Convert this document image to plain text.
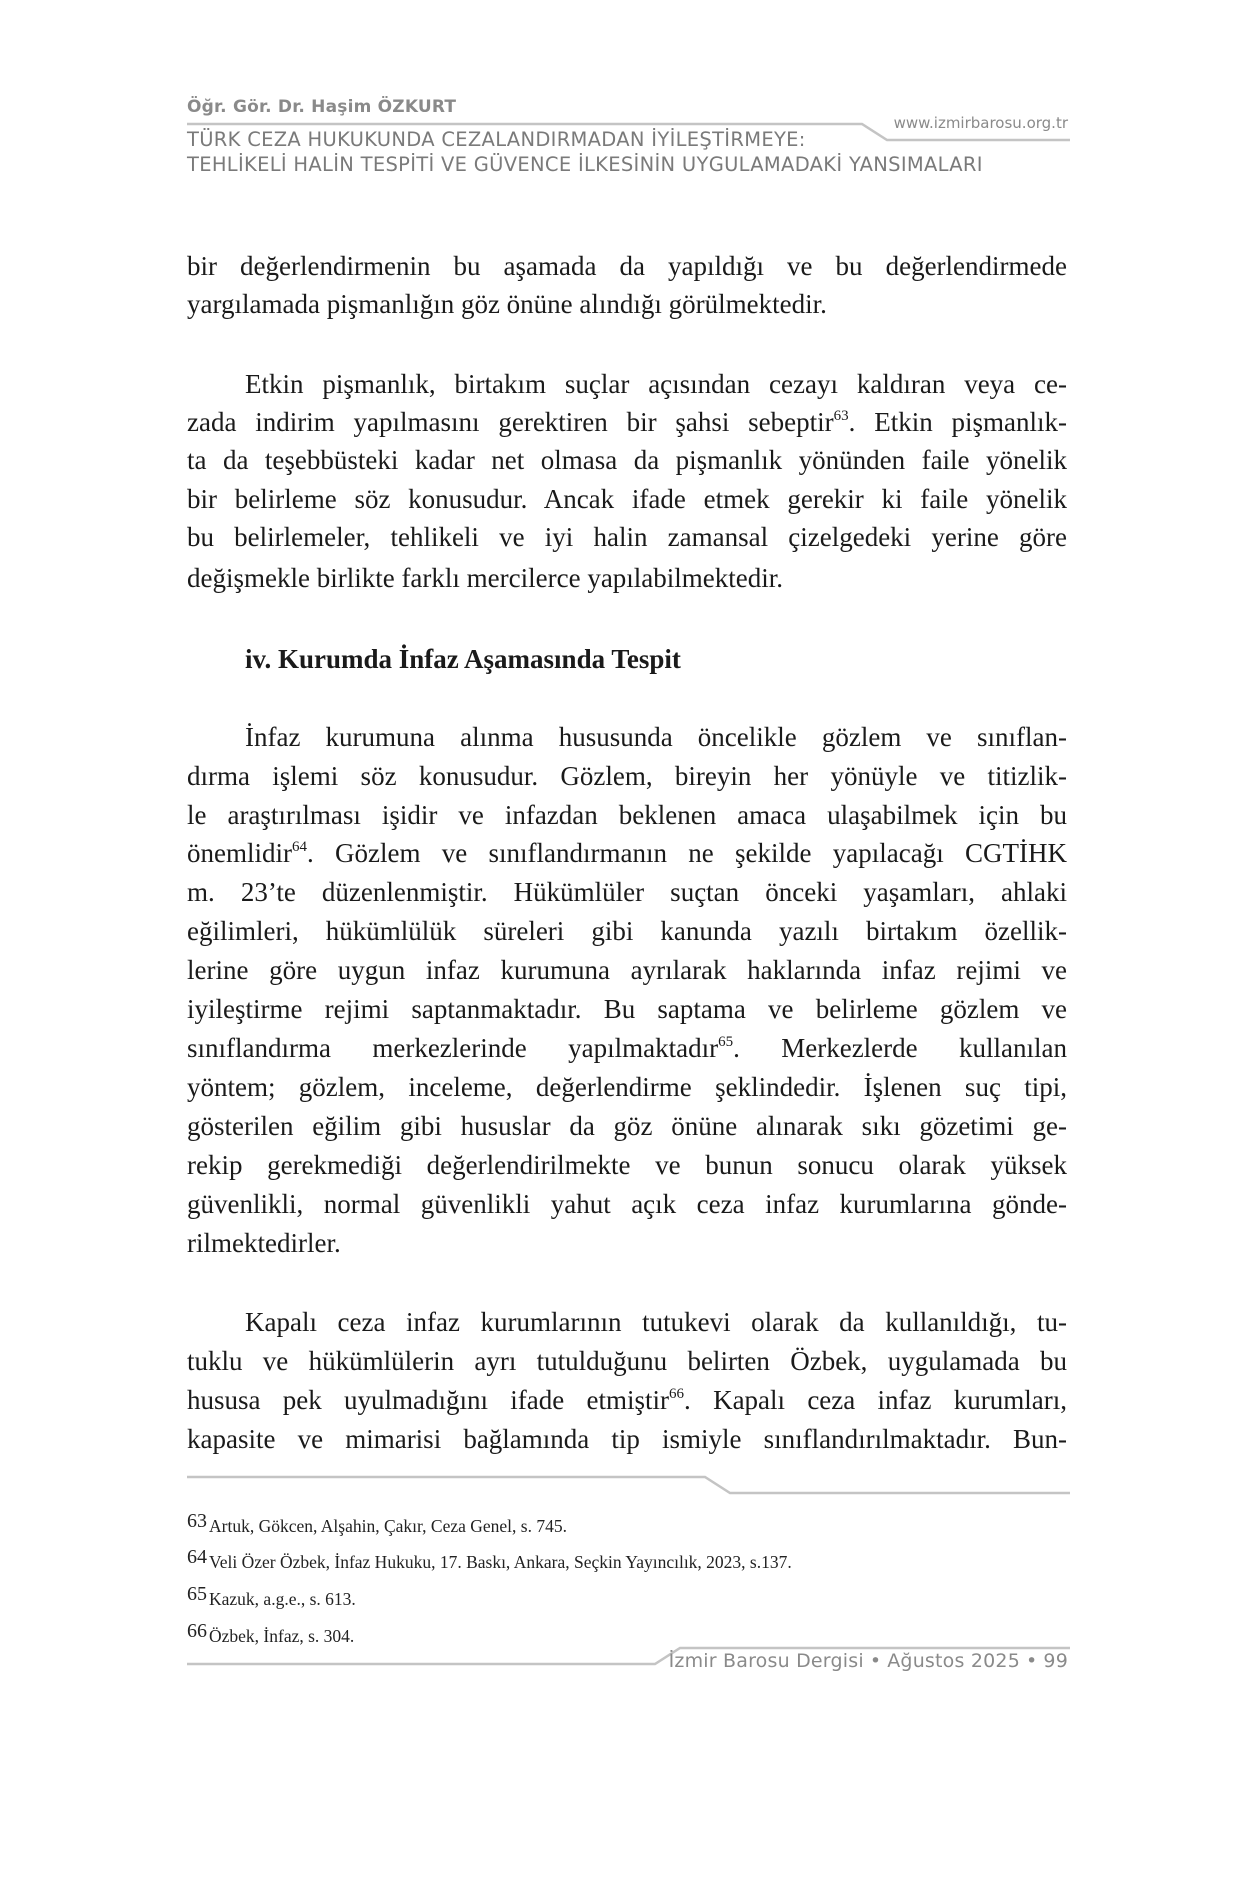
Öğr. Gör. Dr. Haşim ÖZKURT
www.izmirbarosu.org.tr
TÜRK CEZA HUKUKUNDA CEZALANDIRMADAN İYİLEŞTİRMEYE:
TEHLİKELİ HALİN TESPİTİ VE GÜVENCE İLKESİNİN UYGULAMADAKİ YANSIMALARI
bir değerlendirmenin bu aşamada da yapıldığı ve bu değerlendirmede
yargılamada pişmanlığın göz önüne alındığı görülmektedir.
Etkin pişmanlık, birtakım suçlar açısından cezayı kaldıran veya ce-
zada indirim yapılmasını gerektiren bir şahsi sebeptir$^{63}$. Etkin pişmanlık-
ta da teşebbüsteki kadar net olmasa da pişmanlık yönünden faile yönelik
bir belirleme söz konusudur. Ancak ifade etmek gerekir ki faile yönelik
bu belirlemeler, tehlikeli ve iyi halin zamansal çizelgedeki yerine göre
değişmekle birlikte farklı mercilerce yapılabilmektedir.
iv. Kurumda İnfaz Aşamasında Tespit
İnfaz kurumuna alınma hususunda öncelikle gözlem ve sınıflan-
dırma işlemi söz konusudur. Gözlem, bireyin her yönüyle ve titizlik-
le araştırılması işidir ve infazdan beklenen amaca ulaşabilmek için bu
önemlidir$^{64}$. Gözlem ve sınıflandırmanın ne şekilde yapılacağı CGTİHK
m. 23’te düzenlenmiştir. Hükümlüler suçtan önceki yaşamları, ahlaki
eğilimleri, hükümlülük süreleri gibi kanunda yazılı birtakım özellik-
lerine göre uygun infaz kurumuna ayrılarak haklarında infaz rejimi ve
iyileştirme rejimi saptanmaktadır. Bu saptama ve belirleme gözlem ve
sınıflandırma merkezlerinde yapılmaktadır$^{65}$. Merkezlerde kullanılan
yöntem; gözlem, inceleme, değerlendirme şeklindedir. İşlenen suç tipi,
gösterilen eğilim gibi hususlar da göz önüne alınarak sıkı gözetimi ge-
rekip gerekmediği değerlendirilmekte ve bunun sonucu olarak yüksek
güvenlikli, normal güvenlikli yahut açık ceza infaz kurumlarına gönde-
rilmektedirler.
Kapalı ceza infaz kurumlarının tutukevi olarak da kullanıldığı, tu-
tuklu ve hükümlülerin ayrı tutulduğunu belirten Özbek, uygulamada bu
hususa pek uyulmadığını ifade etmiştir$^{66}$. Kapalı ceza infaz kurumları,
kapasite ve mimarisi bağlamında tip ismiyle sınıflandırılmaktadır. Bun-
63 Artuk, Gökcen, Alşahin, Çakır, Ceza Genel, s. 745.
64 Veli Özer Özbek, İnfaz Hukuku, 17. Baskı, Ankara, Seçkin Yayıncılık, 2023, s.137.
65 Kazuk, a.g.e., s. 613.
66 Özbek, İnfaz, s. 304.
İzmir Barosu Dergisi • Ağustos 2025 • 99
